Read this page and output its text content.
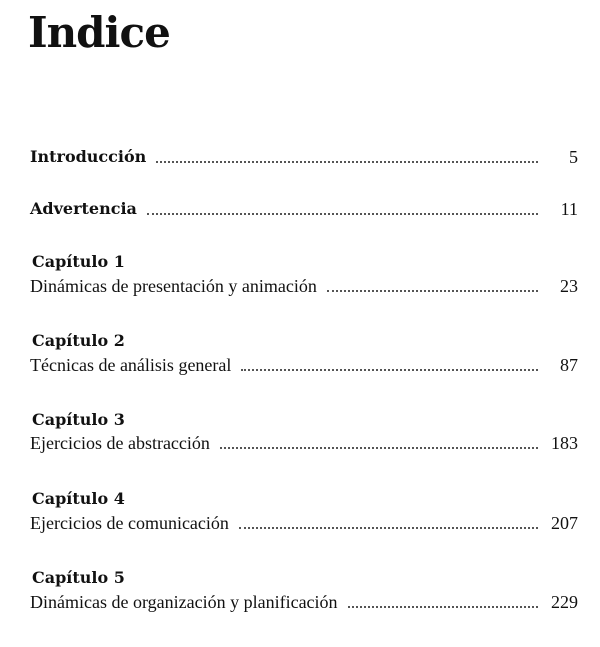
Indice
Introducción	5
Advertencia	11
Capítulo 1
Dinámicas de presentación y animación	23
Capítulo 2
Técnicas de análisis general	87
Capítulo 3
Ejercicios de abstracción	183
Capítulo 4
Ejercicios de comunicación	207
Capítulo 5
Dinámicas de organización y planificación	229
